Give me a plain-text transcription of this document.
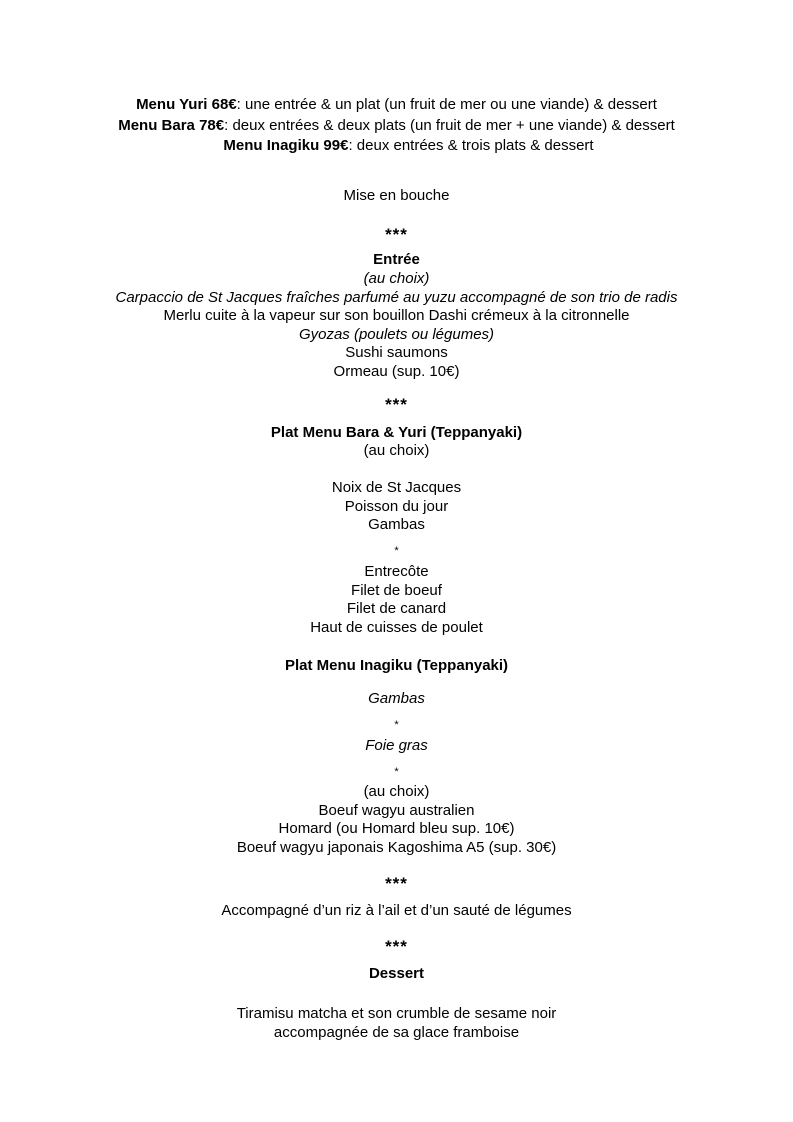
Menu Yuri 68€: une entrée & un plat (un fruit de mer ou une viande) & dessert
Menu Bara 78€: deux entrées & deux plats (un fruit de mer + une viande) & dessert
Menu Inagiku 99€: deux entrées & trois plats & dessert
Mise en bouche
***
Entrée
(au choix)
Carpaccio de St Jacques fraîches parfumé au yuzu accompagné de son trio de radis
Merlu cuite à la vapeur sur son bouillon Dashi crémeux à la citronnelle
Gyozas (poulets ou légumes)
Sushi saumons
Ormeau (sup. 10€)
***
Plat Menu Bara & Yuri (Teppanyaki)
(au choix)
Noix de St Jacques
Poisson du jour
Gambas
*
Entrecôte
Filet de boeuf
Filet de canard
Haut de cuisses de poulet
Plat Menu Inagiku (Teppanyaki)
Gambas
*
Foie gras
*
(au choix)
Boeuf wagyu australien
Homard (ou Homard bleu sup. 10€)
Boeuf wagyu japonais Kagoshima A5 (sup. 30€)
***
Accompagné d’un riz à l’ail et d’un sauté de légumes
***
Dessert
Tiramisu matcha et son crumble de sesame noir
accompagnée de sa glace framboise
